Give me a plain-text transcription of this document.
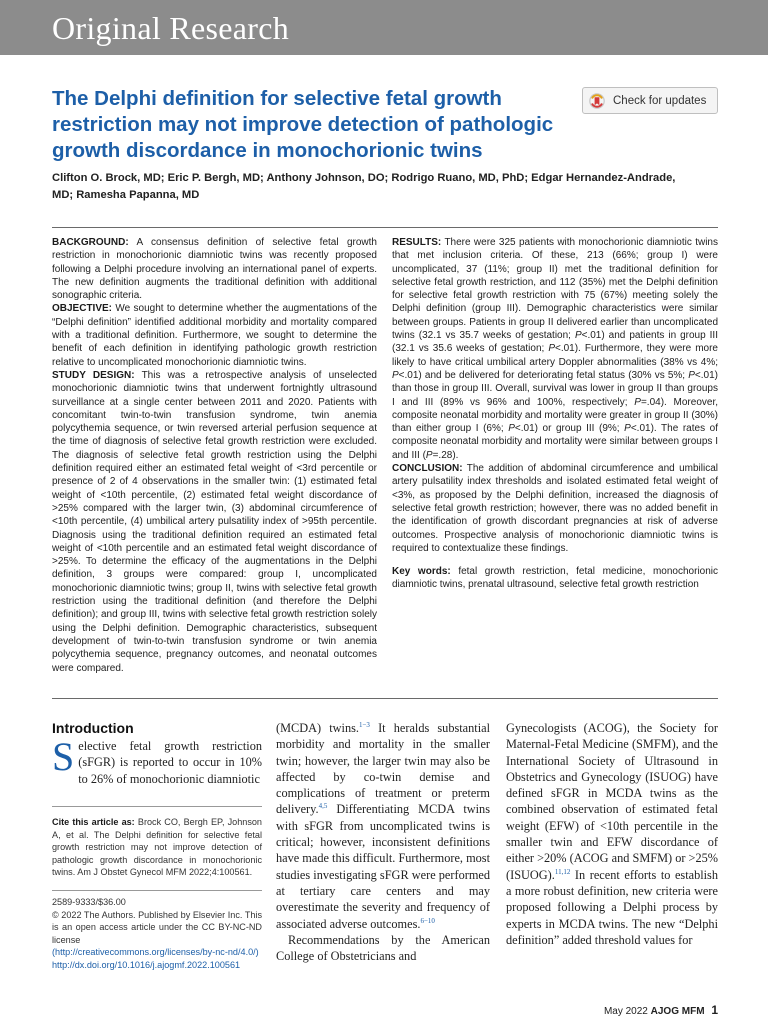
Original Research
The Delphi definition for selective fetal growth restriction may not improve detection of pathologic growth discordance in monochorionic twins
Check for updates

Clifton O. Brock, MD; Eric P. Bergh, MD; Anthony Johnson, DO; Rodrigo Ruano, MD, PhD; Edgar Hernandez-Andrade, MD; Ramesha Papanna, MD

BACKGROUND: A consensus definition of selective fetal growth restriction in monochorionic diamniotic twins was recently proposed following a Delphi procedure involving an international panel of experts. The new definition augments the traditional definition with additional sonographic criteria.

OBJECTIVE: We sought to determine whether the augmentations of the “Delphi definition” identified additional morbidity and mortality compared with a traditional definition. Furthermore, we sought to determine the benefit of each definition in identifying pathologic growth restriction relative to uncomplicated monochorionic diamniotic twins.

STUDY DESIGN: This was a retrospective analysis of unselected monochorionic diamniotic twins that underwent fortnightly ultrasound surveillance at a single center between 2011 and 2020. Patients with concomitant twin-to-twin transfusion syndrome, twin anemia polycythemia sequence, or twin reversed arterial perfusion sequence at the time of diagnosis of selective fetal growth restriction were excluded. The diagnosis of selective fetal growth restriction using the Delphi definition required either an estimated fetal weight of <3rd percentile or presence of 2 of 4 observations in the smaller twin: (1) estimated fetal weight of <10th percentile, (2) estimated fetal weight discordance of >25% compared with the larger twin, (3) abdominal circumference of <10th percentile, (4) umbilical artery pulsatility index of >95th percentile. Diagnosis using the traditional definition required an estimated fetal weight of <10th percentile and an estimated fetal weight discordance of >25%. To determine the efficacy of the augmentations in the Delphi definition, 3 groups were compared: group I, uncomplicated monochorionic diamniotic twins; group II, twins with selective fetal growth restriction using the traditional definition (and therefore the Delphi definition); and group III, twins with selective fetal growth restriction solely using the Delphi definition. Demographic characteristics, subsequent development of twin-to-twin transfusion syndrome or twin anemia polycythemia sequence, pregnancy outcomes, and neonatal outcomes were compared.

RESULTS: There were 325 patients with monochorionic diamniotic twins that met inclusion criteria. Of these, 213 (66%; group I) were uncomplicated, 37 (11%; group II) met the traditional definition for selective fetal growth restriction, and 112 (35%) met the Delphi definition for selective fetal growth restriction with 75 (67%) meeting solely the Delphi definition (group III). Demographic characteristics were similar between groups. Patients in group II delivered earlier than uncomplicated twins (32.1 vs 35.7 weeks of gestation; P<.01) and patients in group III (32.1 vs 35.6 weeks of gestation; P<.01). Furthermore, they were more likely to have critical umbilical artery Doppler abnormalities (38% vs 4%; P<.01) and be delivered for deteriorating fetal status (30% vs 5%; P<.01) than those in group III. Overall, survival was lower in group II than groups I and III (89% vs 96% and 100%, respectively; P=.04). Moreover, composite neonatal morbidity and mortality were greater in group II (30%) than either group I (6%; P<.01) or group III (9%; P<.01). The rates of composite neonatal morbidity and mortality were similar between groups I and III (P=.28).

CONCLUSION: The addition of abdominal circumference and umbilical artery pulsatility index thresholds and isolated estimated fetal weight of <3%, as proposed by the Delphi definition, increased the diagnosis of selective fetal growth restriction; however, there was no added benefit in the identification of growth discordant pregnancies at risk of adverse outcomes. Prospective analysis of monochorionic diamniotic twins is required to contextualize these findings.

Key words: fetal growth restriction, fetal medicine, monochorionic diamniotic twins, prenatal ultrasound, selective fetal growth restriction

Introduction

Selective fetal growth restriction (sFGR) is reported to occur in 10% to 26% of monochorionic diamniotic

Cite this article as: Brock CO, Bergh EP, Johnson A, et al. The Delphi definition for selective fetal growth restriction may not improve detection of pathologic growth discordance in monochorionic twins. Am J Obstet Gynecol MFM 2022;4:100561.

2589-9333/$36.00

© 2022 The Authors. Published by Elsevier Inc. This is an open access article under the CC BY-NC-ND license

(http://creativecommons.org/licenses/by-nc-nd/4.0/)

http://dx.doi.org/10.1016/j.ajogmf.2022.100561

(MCDA) twins.$^{1-3}$ It heralds substantial morbidity and mortality in the smaller twin; however, the larger twin may also be affected by co-twin demise and complications of treatment or preterm delivery.$^{4,5}$ Differentiating MCDA twins with sFGR from uncomplicated twins is critical; however, inconsistent definitions have made this difficult. Furthermore, most studies investigating sFGR were performed at tertiary care centers and may overestimate the severity and frequency of associated adverse outcomes.$^{6-10}$

Recommendations by the American College of Obstetricians and

Gynecologists (ACOG), the Society for Maternal-Fetal Medicine (SMFM), and the International Society of Ultrasound in Obstetrics and Gynecology (ISUOG) have defined sFGR in MCDA twins as the combined observation of estimated fetal weight (EFW) of <10th percentile in the smaller twin and EFW discordance of either >20% (ACOG and SMFM) or >25% (ISUOG).$^{11,12}$ In recent efforts to establish a more robust definition, new criteria were proposed following a Delphi process by experts in MCDA twins. The new “Delphi definition” added threshold values for

May 2022 AJOG MFM 1
